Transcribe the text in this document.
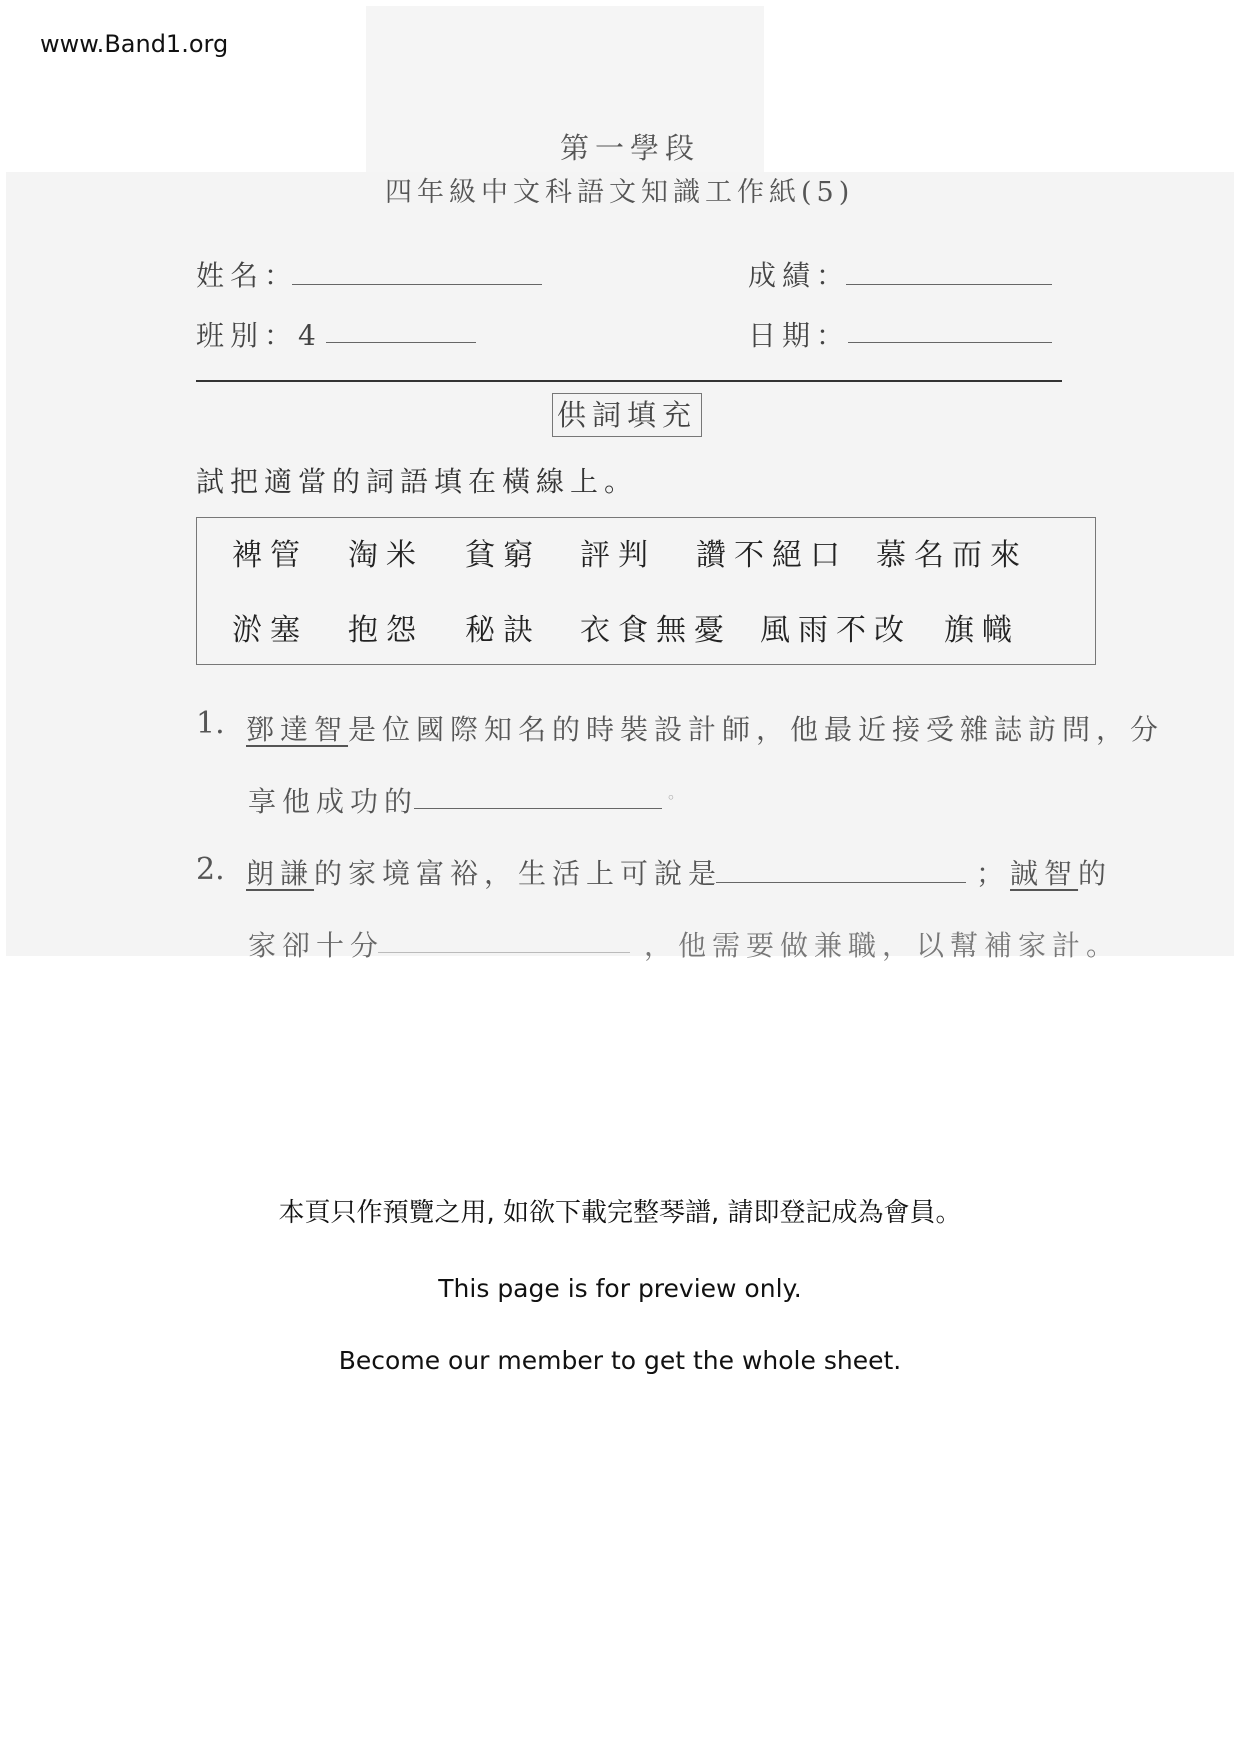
www.Band1.org
第一學段
四年級中文科語文知識工作紙(5)
姓名：	成績：
班別：4	日期：
供詞填充
試把適當的詞語填在橫線上。
裨管 淘米 貧窮 評判 讚不絕口 慕名而來
淤塞 抱怨 秘訣 衣食無憂 風雨不改 旗幟
1. 鄧達智是位國際知名的時裝設計師，他最近接受雜誌訪問，分
享他成功的	。
2. 朗謙的家境富裕，生活上可說是	；誠智的
家卻十分	，他需要做兼職，以幫補家計。
本頁只作預覽之用, 如欲下載完整琴譜, 請即登記成為會員。
This page is for preview only.
Become our member to get the whole sheet.
